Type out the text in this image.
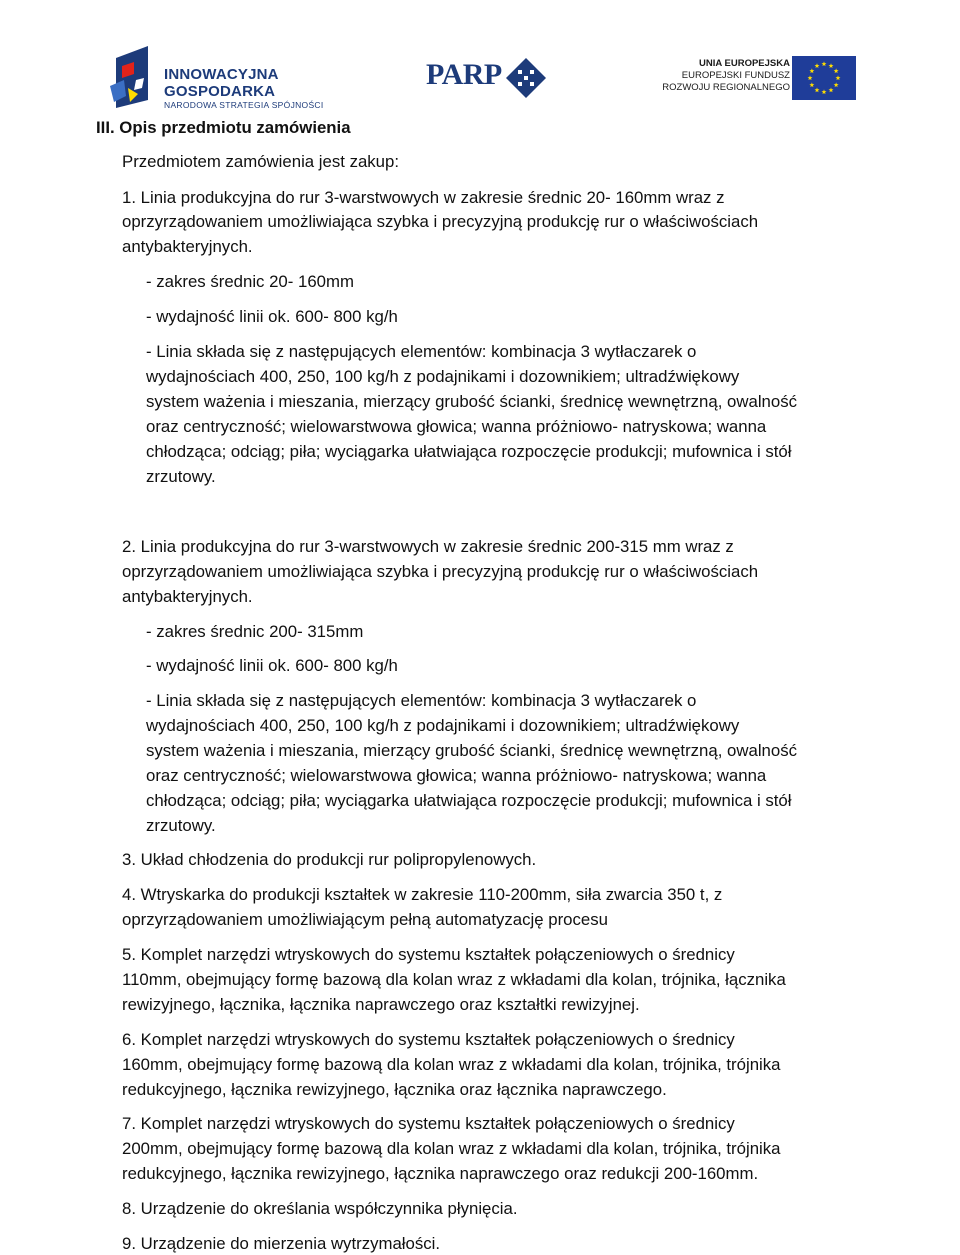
INNOWACYJNA
GOSPODARKA
NARODOWA STRATEGIA SPÓJNOŚCI
PARP	UNIA EUROPEJSKA
EUROPEJSKI FUNDUSZ
ROZWOJU REGIONALNEGO
III. Opis przedmiotu zamówienia
Przedmiotem zamówienia jest zakup:
1. Linia produkcyjna do rur 3-warstwowych w zakresie średnic 20- 160mm wraz z
oprzyrządowaniem umożliwiająca szybka i precyzyjną produkcję rur o właściwościach
antybakteryjnych.
- zakres średnic 20- 160mm
- wydajność linii ok. 600- 800 kg/h
- Linia składa się z następujących elementów: kombinacja 3 wytłaczarek o
wydajnościach 400, 250, 100 kg/h z podajnikami i dozownikiem; ultradźwiękowy
system ważenia i mieszania, mierzący grubość ścianki, średnicę wewnętrzną, owalność
oraz centryczność; wielowarstwowa głowica; wanna próżniowo- natryskowa; wanna
chłodząca; odciąg; piła; wyciągarka ułatwiająca rozpoczęcie produkcji; mufownica i stół
zrzutowy.
2. Linia produkcyjna do rur 3-warstwowych w zakresie średnic 200-315 mm wraz z
oprzyrządowaniem umożliwiająca szybka i precyzyjną produkcję rur o właściwościach
antybakteryjnych.
- zakres średnic 200- 315mm
- wydajność linii ok. 600- 800 kg/h
- Linia składa się z następujących elementów: kombinacja 3 wytłaczarek o
wydajnościach 400, 250, 100 kg/h z podajnikami i dozownikiem; ultradźwiękowy
system ważenia i mieszania, mierzący grubość ścianki, średnicę wewnętrzną, owalność
oraz centryczność; wielowarstwowa głowica; wanna próżniowo- natryskowa; wanna
chłodząca; odciąg; piła; wyciągarka ułatwiająca rozpoczęcie produkcji; mufownica i stół
zrzutowy.
3. Układ chłodzenia do produkcji rur polipropylenowych.
4. Wtryskarka do produkcji kształtek w zakresie 110-200mm, siła zwarcia 350 t, z
oprzyrządowaniem umożliwiającym pełną automatyzację procesu
5. Komplet narzędzi wtryskowych do systemu kształtek połączeniowych o średnicy
110mm, obejmujący formę bazową dla kolan wraz z wkładami dla kolan, trójnika, łącznika
rewizyjnego, łącznika, łącznika naprawczego oraz kształtki rewizyjnej.
6. Komplet narzędzi wtryskowych do systemu kształtek połączeniowych o średnicy
160mm, obejmujący formę bazową dla kolan wraz z wkładami dla kolan, trójnika, trójnika
redukcyjnego, łącznika rewizyjnego, łącznika oraz łącznika naprawczego.
7. Komplet narzędzi wtryskowych do systemu kształtek połączeniowych o średnicy
200mm, obejmujący formę bazową dla kolan wraz z wkładami dla kolan, trójnika, trójnika
redukcyjnego, łącznika rewizyjnego, łącznika naprawczego oraz redukcji 200-160mm.
8. Urządzenie do określania współczynnika płynięcia.
9. Urządzenie do mierzenia wytrzymałości.
